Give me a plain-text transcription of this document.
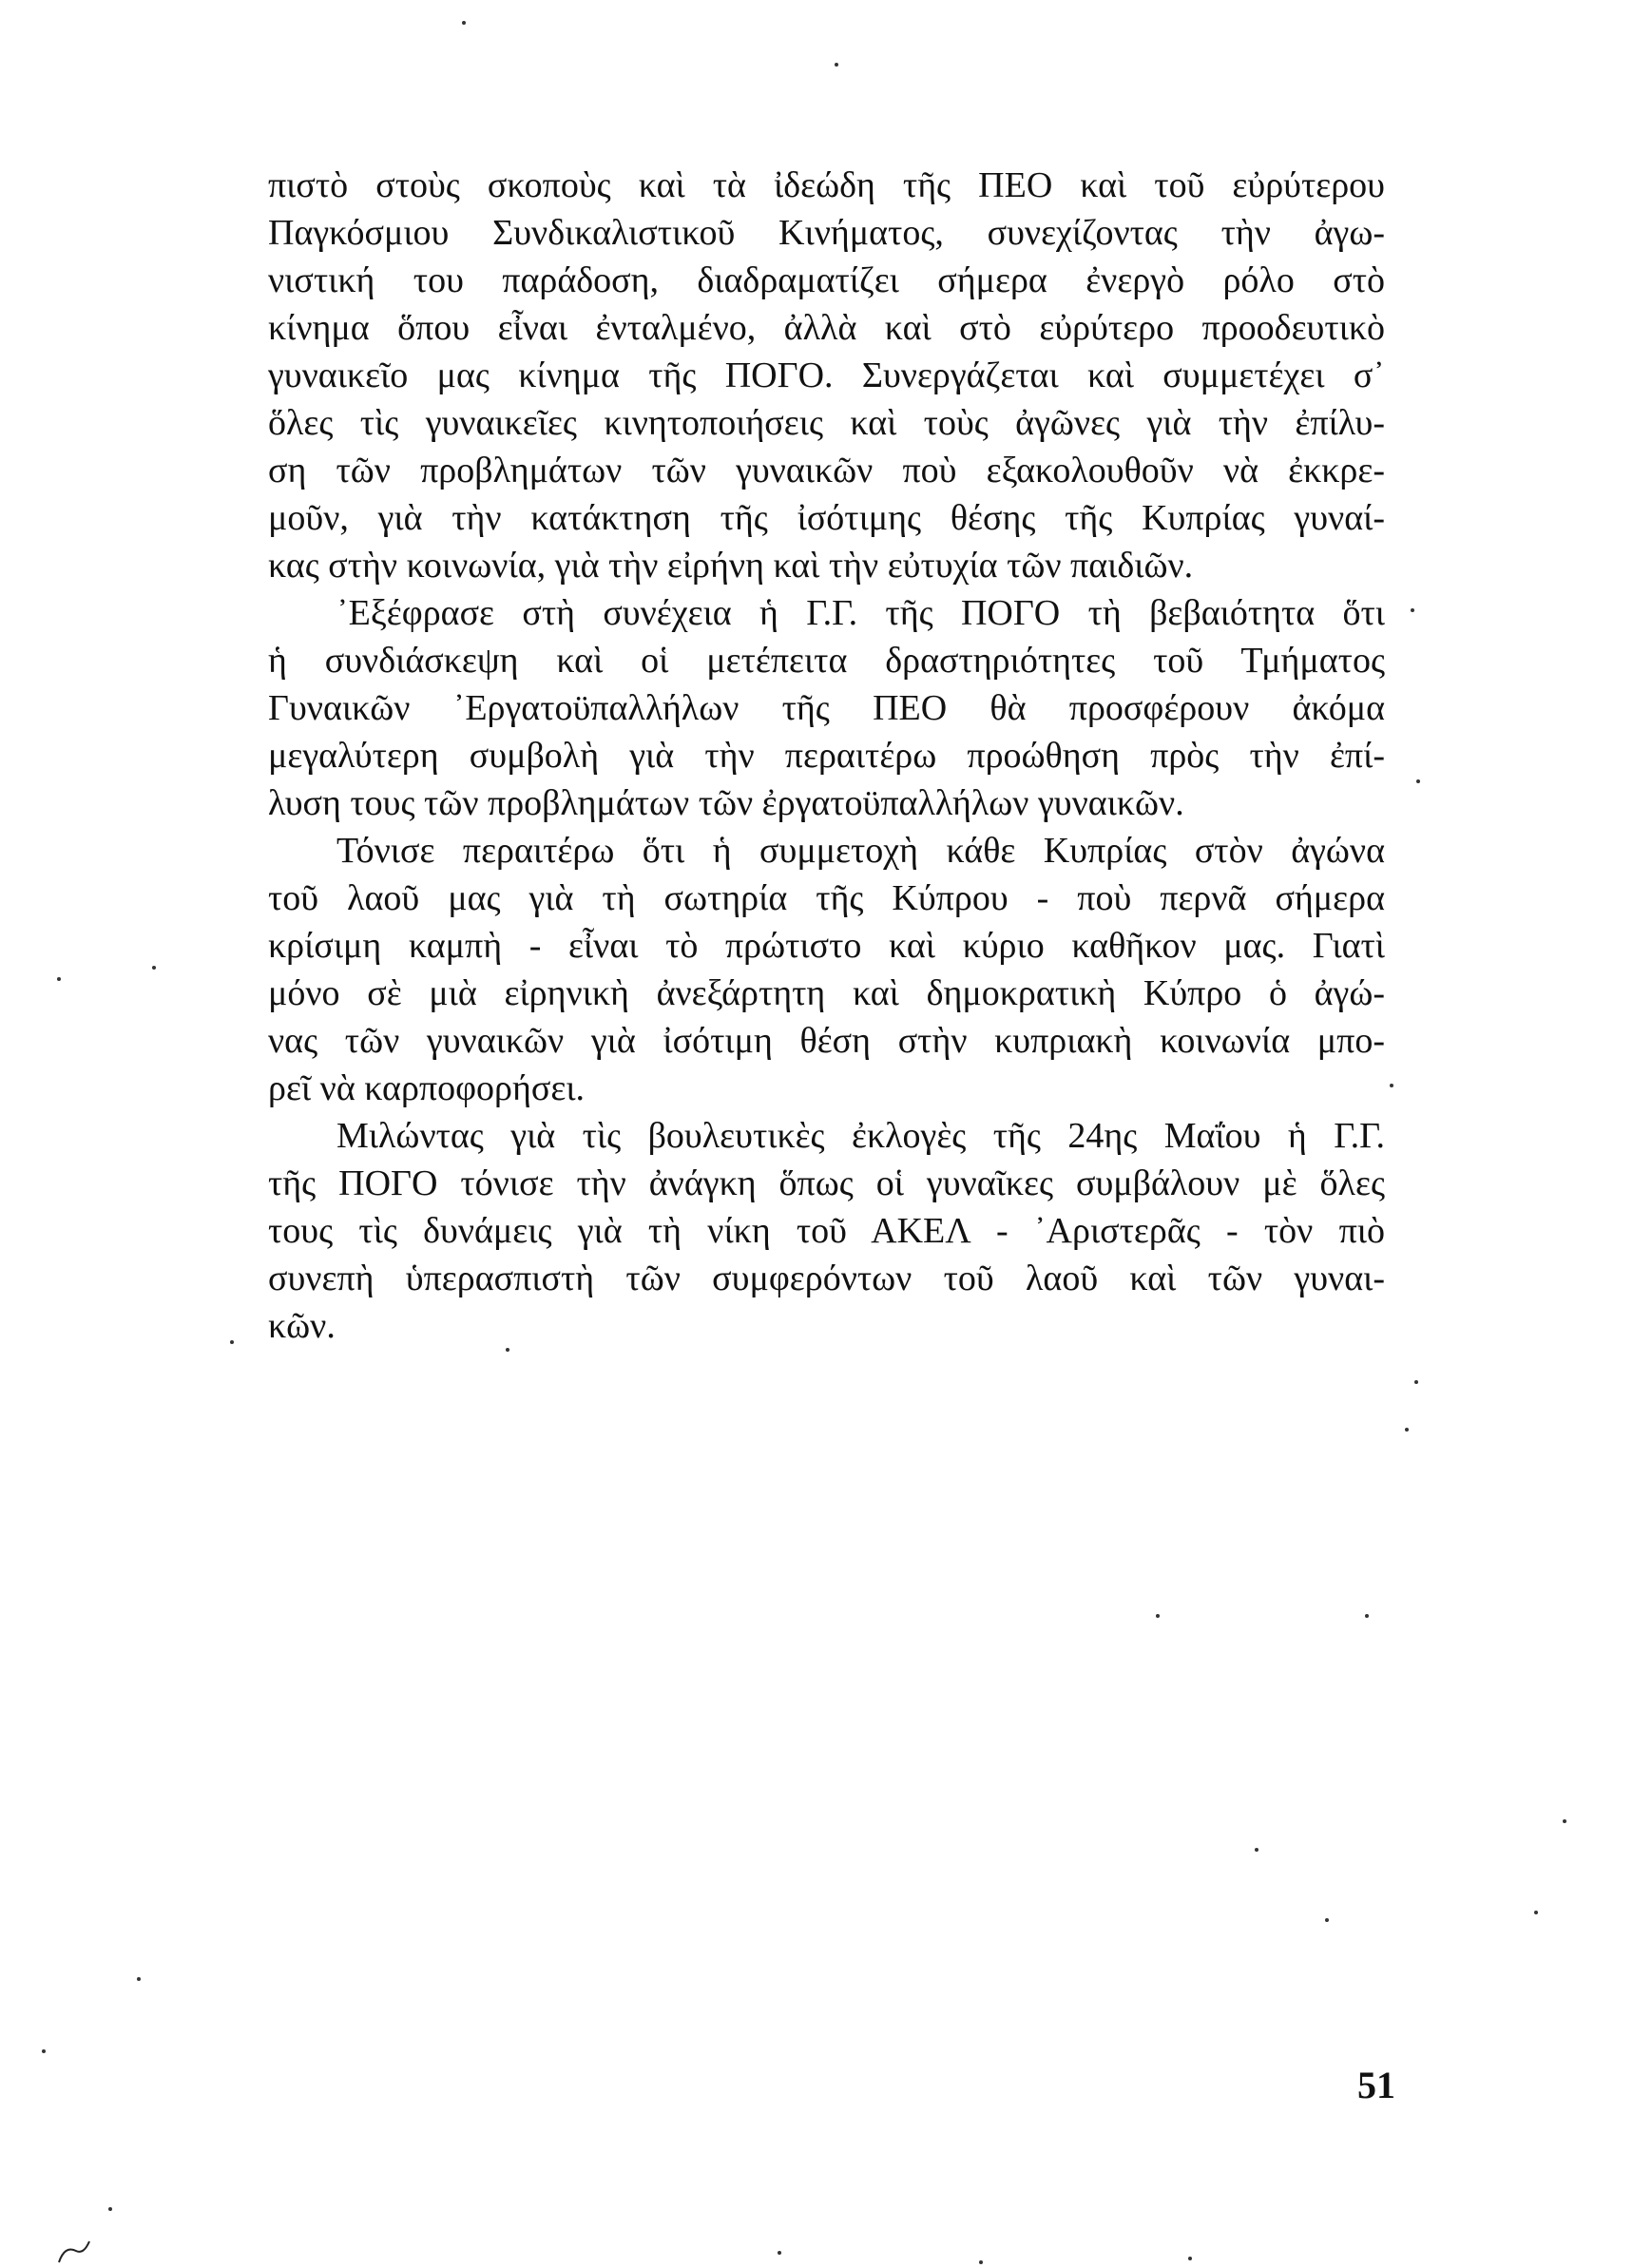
πιστὸ στοὺς σκοποὺς καὶ τὰ ἰδεώδη τῆς ΠΕΟ καὶ τοῦ εὐρύτερου
Παγκόσμιου Συνδικαλιστικοῦ Κινήματος, συνεχίζοντας τὴν ἀγω-
νιστική του παράδοση, διαδραματίζει σήμερα ἐνεργὸ ρόλο στὸ
κίνημα ὅπου εἶναι ἐνταλμένο, ἀλλὰ καὶ στὸ εὐρύτερο προοδευτικὸ
γυναικεῖο μας κίνημα τῆς ΠΟΓΟ. Συνεργάζεται καὶ συμμετέχει σ᾿
ὅλες τὶς γυναικεῖες κινητοποιήσεις καὶ τοὺς ἀγῶνες γιὰ τὴν ἐπίλυ-
ση τῶν προβλημάτων τῶν γυναικῶν ποὺ εξακολουθοῦν νὰ ἐκκρε-
μοῦν, γιὰ τὴν κατάκτηση τῆς ἰσότιμης θέσης τῆς Κυπρίας γυναί-
κας στὴν κοινωνία, γιὰ τὴν εἰρήνη καὶ τὴν εὐτυχία τῶν παιδιῶν.
᾿Εξέφρασε στὴ συνέχεια ἡ Γ.Γ. τῆς ΠΟΓΟ τὴ βεβαιότητα ὅτι
ἡ συνδιάσκεψη καὶ οἱ μετέπειτα δραστηριότητες τοῦ Τμήματος
Γυναικῶν ᾿Εργατοϋπαλλήλων τῆς ΠΕΟ θὰ προσφέρουν ἀκόμα
μεγαλύτερη συμβολὴ γιὰ τὴν περαιτέρω προώθηση πρὸς τὴν ἐπί-
λυση τους τῶν προβλημάτων τῶν ἐργατοϋπαλλήλων γυναικῶν.
Τόνισε περαιτέρω ὅτι ἡ συμμετοχὴ κάθε Κυπρίας στὸν ἀγώνα
τοῦ λαοῦ μας γιὰ τὴ σωτηρία τῆς Κύπρου - ποὺ περνᾶ σήμερα
κρίσιμη καμπὴ - εἶναι τὸ πρώτιστο καὶ κύριο καθῆκον μας. Γιατὶ
μόνο σὲ μιὰ εἰρηνικὴ ἀνεξάρτητη καὶ δημοκρατικὴ Κύπρο ὁ ἀγώ-
νας τῶν γυναικῶν γιὰ ἰσότιμη θέση στὴν κυπριακὴ κοινωνία μπο-
ρεῖ νὰ καρποφορήσει.
Μιλώντας γιὰ τὶς βουλευτικὲς ἐκλογὲς τῆς 24ης Μαΐου ἡ Γ.Γ.
τῆς ΠΟΓΟ τόνισε τὴν ἀνάγκη ὅπως οἱ γυναῖκες συμβάλουν μὲ ὅλες
τους τὶς δυνάμεις γιὰ τὴ νίκη τοῦ ΑΚΕΛ - ᾿Αριστερᾶς - τὸν πιὸ
συνεπὴ ὑπερασπιστὴ τῶν συμφερόντων τοῦ λαοῦ καὶ τῶν γυναι-
κῶν.
51
